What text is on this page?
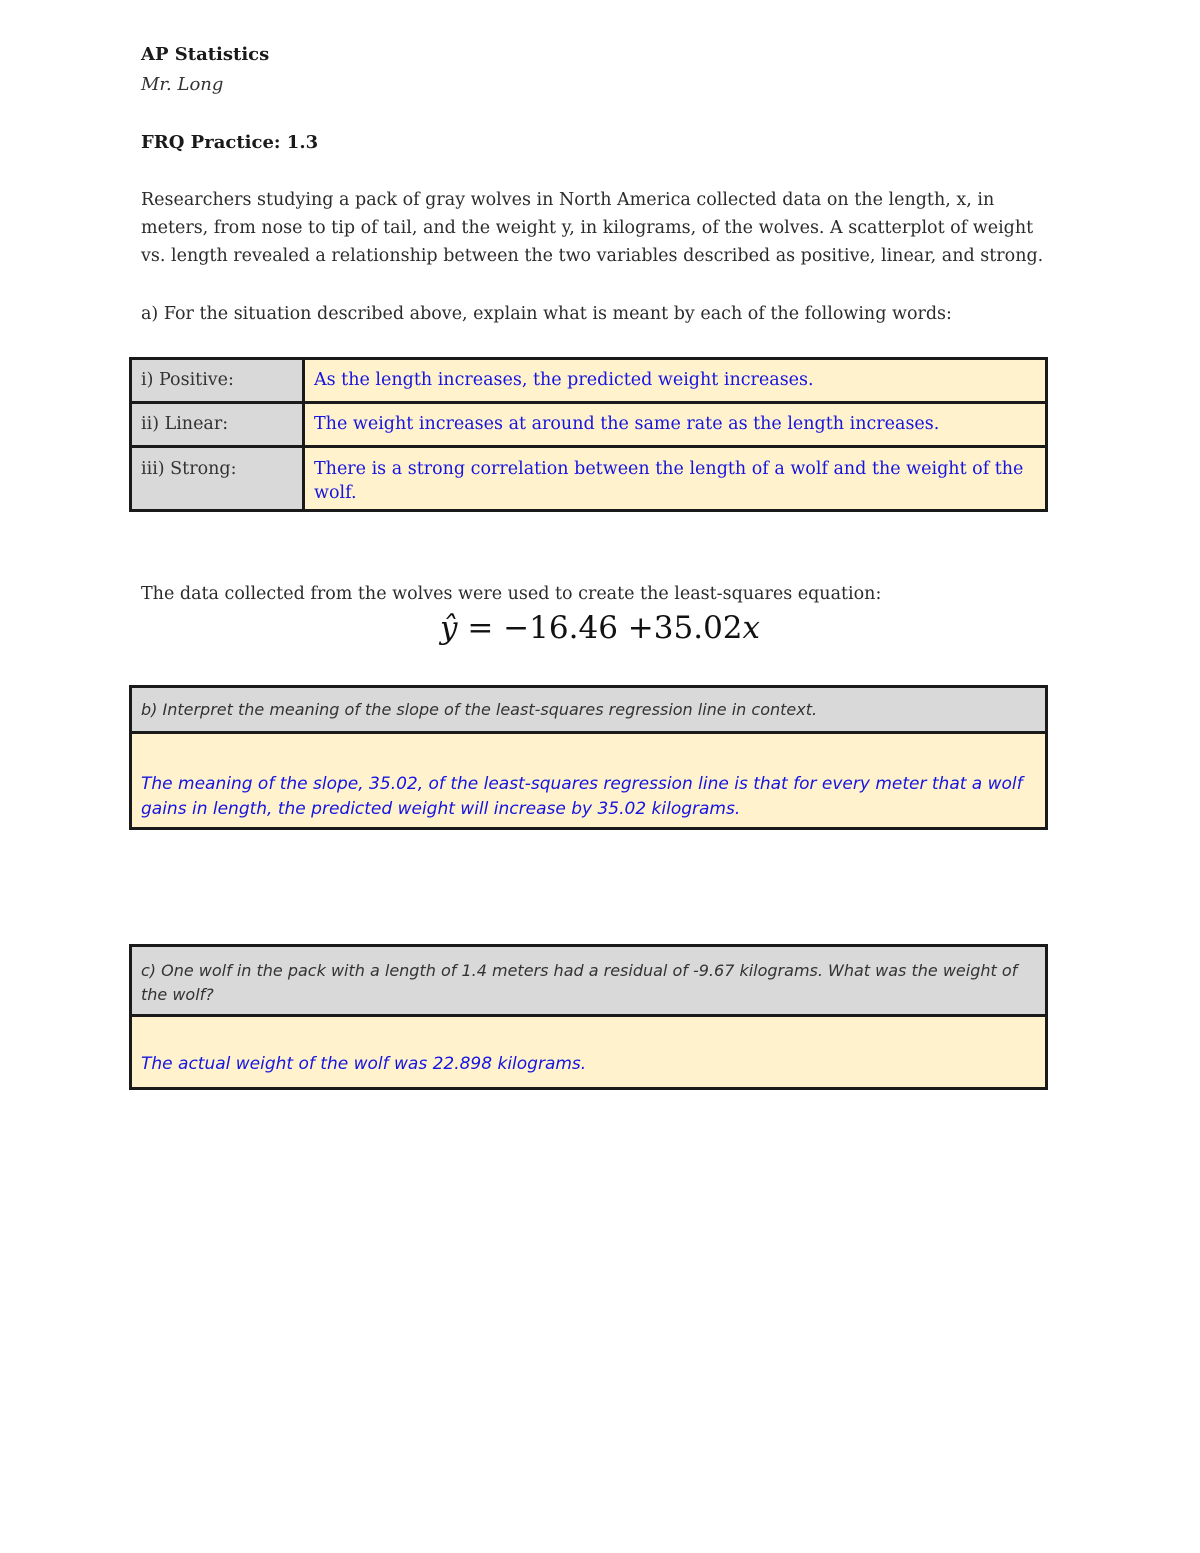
AP Statistics

Mr. Long

FRQ Practice: 1.3

Researchers studying a pack of gray wolves in North America collected data on the length, x, in meters, from nose to tip of tail, and the weight y, in kilograms, of the wolves. A scatterplot of weight vs. length revealed a relationship between the two variables described as positive, linear, and strong.

a) For the situation described above, explain what is meant by each of the following words:

i) Positive:	As the length increases, the predicted weight increases.
ii) Linear:	The weight increases at around the same rate as the length increases.
iii) Strong:	There is a strong correlation between the length of a wolf and the weight of the wolf.

The data collected from the wolves were used to create the least-squares equation:

ŷ = −16.46 +35.02x

b) Interpret the meaning of the slope of the least-squares regression line in context.
The meaning of the slope, 35.02, of the least-squares regression line is that for every meter that a wolf gains in length, the predicted weight will increase by 35.02 kilograms.
c) One wolf in the pack with a length of 1.4 meters had a residual of -9.67 kilograms. What was the weight of the wolf?
The actual weight of the wolf was 22.898 kilograms.
